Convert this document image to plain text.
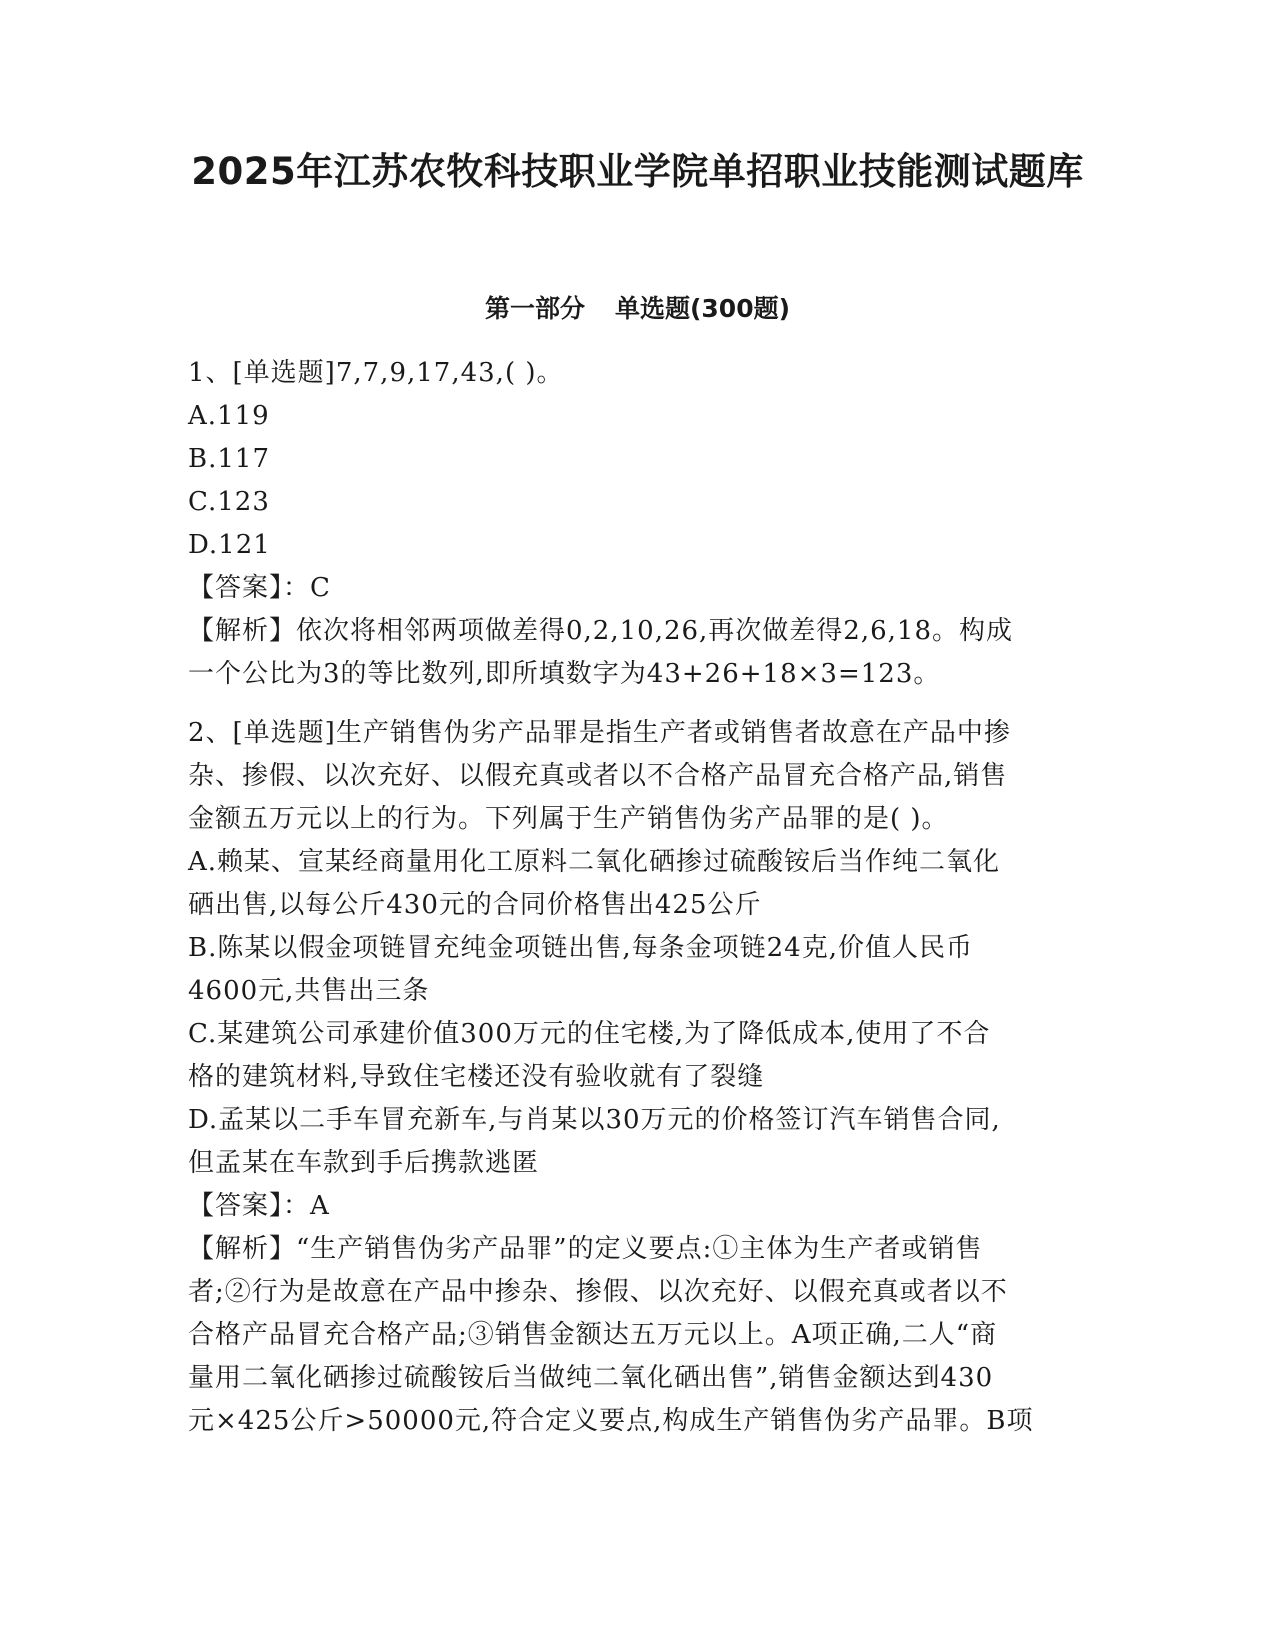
2025年江苏农牧科技职业学院单招职业技能测试题库
第一部分 单选题(300题)
1、[单选题]7,7,9,17,43,( )。
A.119
B.117
C.123
D.121
【答案】：C
【解析】依次将相邻两项做差得0,2,10,26,再次做差得2,6,18。构成
一个公比为3的等比数列,即所填数字为43+26+18×3=123。
2、[单选题]生产销售伪劣产品罪是指生产者或销售者故意在产品中掺
杂、掺假、以次充好、以假充真或者以不合格产品冒充合格产品,销售
金额五万元以上的行为。下列属于生产销售伪劣产品罪的是( )。
A.赖某、宣某经商量用化工原料二氧化硒掺过硫酸铵后当作纯二氧化
硒出售,以每公斤430元的合同价格售出425公斤
B.陈某以假金项链冒充纯金项链出售,每条金项链24克,价值人民币
4600元,共售出三条
C.某建筑公司承建价值300万元的住宅楼,为了降低成本,使用了不合
格的建筑材料,导致住宅楼还没有验收就有了裂缝
D.孟某以二手车冒充新车,与肖某以30万元的价格签订汽车销售合同,
但孟某在车款到手后携款逃匿
【答案】：A
【解析】“生产销售伪劣产品罪”的定义要点:①主体为生产者或销售
者;②行为是故意在产品中掺杂、掺假、以次充好、以假充真或者以不
合格产品冒充合格产品;③销售金额达五万元以上。A项正确,二人“商
量用二氧化硒掺过硫酸铵后当做纯二氧化硒出售”,销售金额达到430
元×425公斤>50000元,符合定义要点,构成生产销售伪劣产品罪。B项
